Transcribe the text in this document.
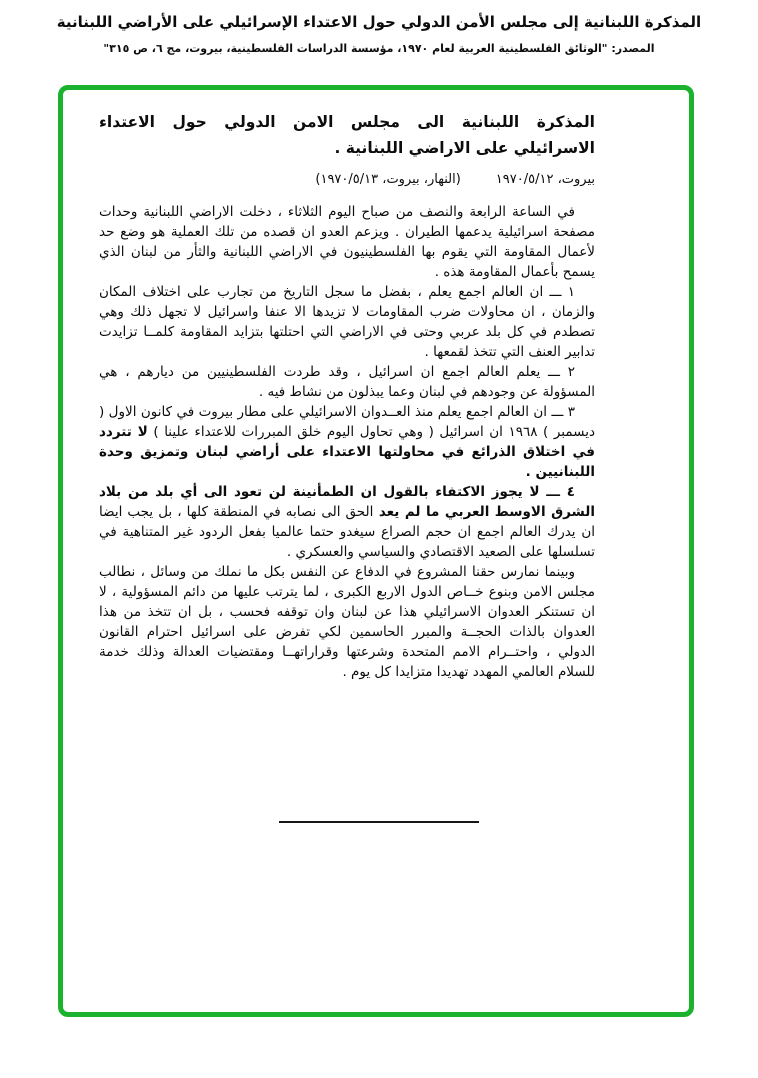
المذكرة اللبنانية إلى مجلس الأمن الدولي حول الاعتداء الإسرائيلي على الأراضي اللبنانية
المصدر: "الوثائق الفلسطينية العربية لعام ١٩٧٠، مؤسسة الدراسات الفلسطينية، بيروت، مج ٦، ص ٣١٥"
المذكرة اللبنانية الى مجلس الامن الدولي حول الاعتداء الاسرائيلي على الاراضي اللبنانية .
بيروت، ١٩٧٠/٥/١٢
(النهار، بيروت، ١٩٧٠/٥/١٣)

في الساعة الرابعة والنصف من صباح اليوم الثلاثاء ، دخلت الاراضي اللبنانية وحدات مصفحة اسرائيلية يدعمها الطيران . ويزعم العدو ان قصده من تلك العملية هو وضع حد لأعمال المقاومة التي يقوم بها الفلسطينيون في الاراضي اللبنانية والثأر من لبنان الذي يسمح بأعمال المقاومة هذه .

١ ـــ ان العالم اجمع يعلم ، بفضل ما سجل التاريخ من تجارب على اختلاف المكان والزمان ، ان محاولات ضرب المقاومات لا تزيدها الا عنفا واسرائيل لا تجهل ذلك وهي تصطدم في كل بلد عربي وحتى في الاراضي التي احتلتها بتزايد المقاومة كلمــا تزايدت تدابير العنف التي تتخذ لقمعها .

٢ ـــ يعلم العالم اجمع ان اسرائيل ، وقد طردت الفلسطينيين من ديارهم ، هي المسؤولة عن وجودهم في لبنان وعما يبذلون من نشاط فيه .

٣ ـــ ان العالم اجمع يعلم منذ العــدوان الاسرائيلي على مطار بيروت في كانون الاول ( ديسمبر ) ١٩٦٨ ان اسرائيل ( وهي تحاول اليوم خلق المبررات للاعتداء علينا ) لا تتردد في اختلاق الذرائع في محاولتها الاعتداء على أراضي لبنان وتمزيق وحدة اللبنانيين .

٤ ـــ لا يجوز الاكتفاء بالقول ان الطمأنينة لن تعود الى أي بلد من بلاد الشرق الاوسط العربي ما لم يعد الحق الى نصابه في المنطقة كلها ، بل يجب ايضا ان يدرك العالم اجمع ان حجم الصراع سيغدو حتما عالميا بفعل الردود غير المتناهية في تسلسلها على الصعيد الاقتصادي والسياسي والعسكري .

وبينما نمارس حقنا المشروع في الدفاع عن النفس بكل ما نملك من وسائل ، نطالب مجلس الامن وبنوع خــاص الدول الاربع الكبرى ، لما يترتب عليها من دائم المسؤولية ، لا ان تستنكر العدوان الاسرائيلي هذا عن لبنان وان توقفه فحسب ، بل ان تتخذ من هذا العدوان بالذات الحجــة والمبرر الحاسمين لكي تفرض على اسرائيل احترام القانون الدولي ، واحتــرام الامم المتحدة وشرعتها وقراراتهــا ومقتضيات العدالة وذلك خدمة للسلام العالمي المهدد تهديدا متزايدا كل يوم .
